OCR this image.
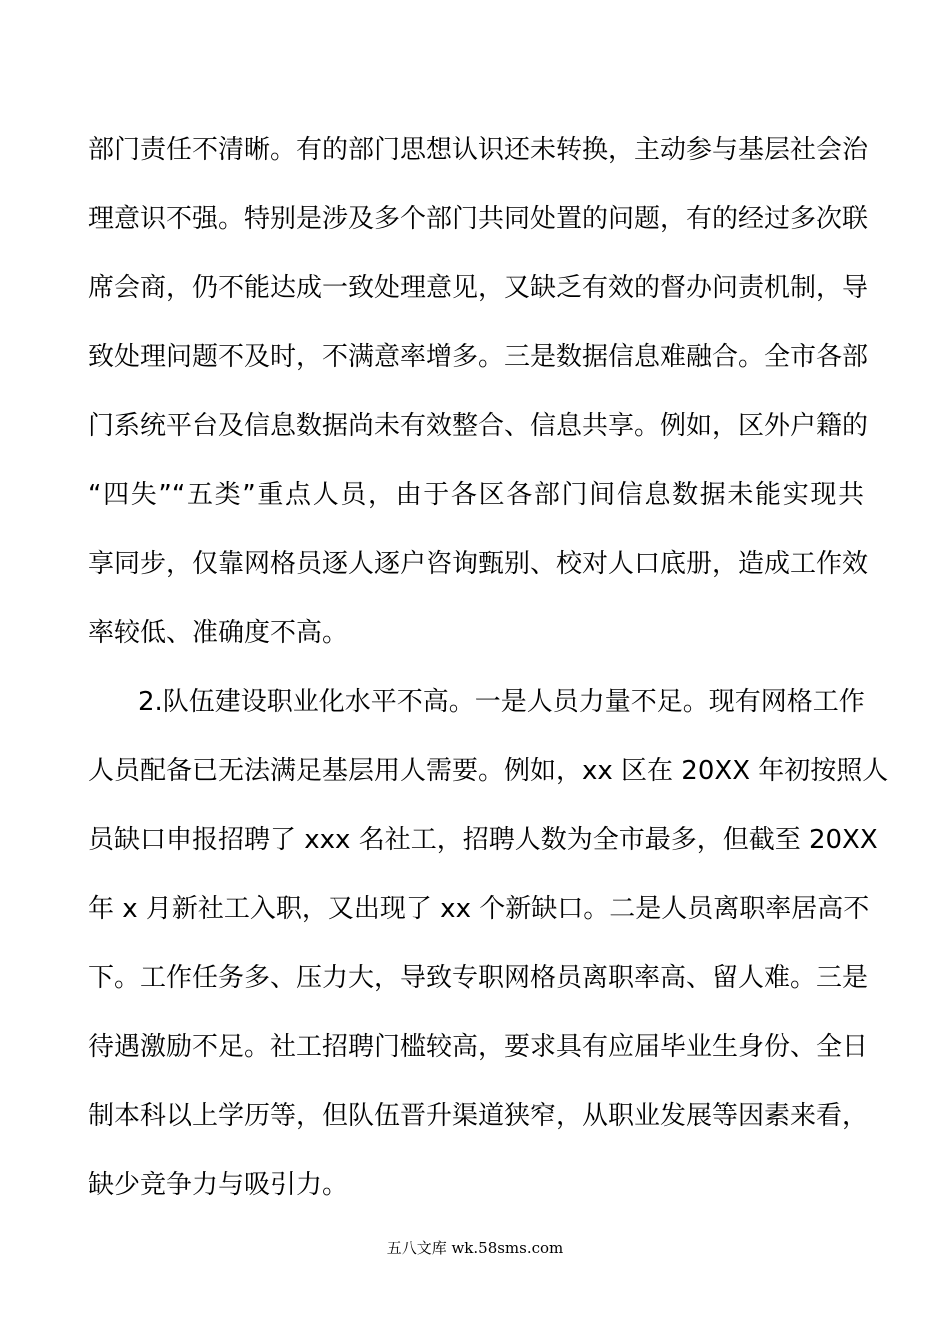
部门责任不清晰。有的部门思想认识还未转换，主动参与基层社会治
理意识不强。特别是涉及多个部门共同处置的问题，有的经过多次联
席会商，仍不能达成一致处理意见，又缺乏有效的督办问责机制，导
致处理问题不及时，不满意率增多。三是数据信息难融合。全市各部
门系统平台及信息数据尚未有效整合、信息共享。例如，区外户籍的
“四失”“五类”重点人员，由于各区各部门间信息数据未能实现共
享同步，仅靠网格员逐人逐户咨询甄别、校对人口底册，造成工作效
率较低、准确度不高。
2.队伍建设职业化水平不高。一是人员力量不足。现有网格工作
人员配备已无法满足基层用人需要。例如，xx 区在 20XX 年初按照人
员缺口申报招聘了 xxx 名社工，招聘人数为全市最多，但截至 20XX
年 x 月新社工入职，又出现了 xx 个新缺口。二是人员离职率居高不
下。工作任务多、压力大，导致专职网格员离职率高、留人难。三是
待遇激励不足。社工招聘门槛较高，要求具有应届毕业生身份、全日
制本科以上学历等，但队伍晋升渠道狭窄，从职业发展等因素来看，
缺少竞争力与吸引力。
五八文库 wk.58sms.com
